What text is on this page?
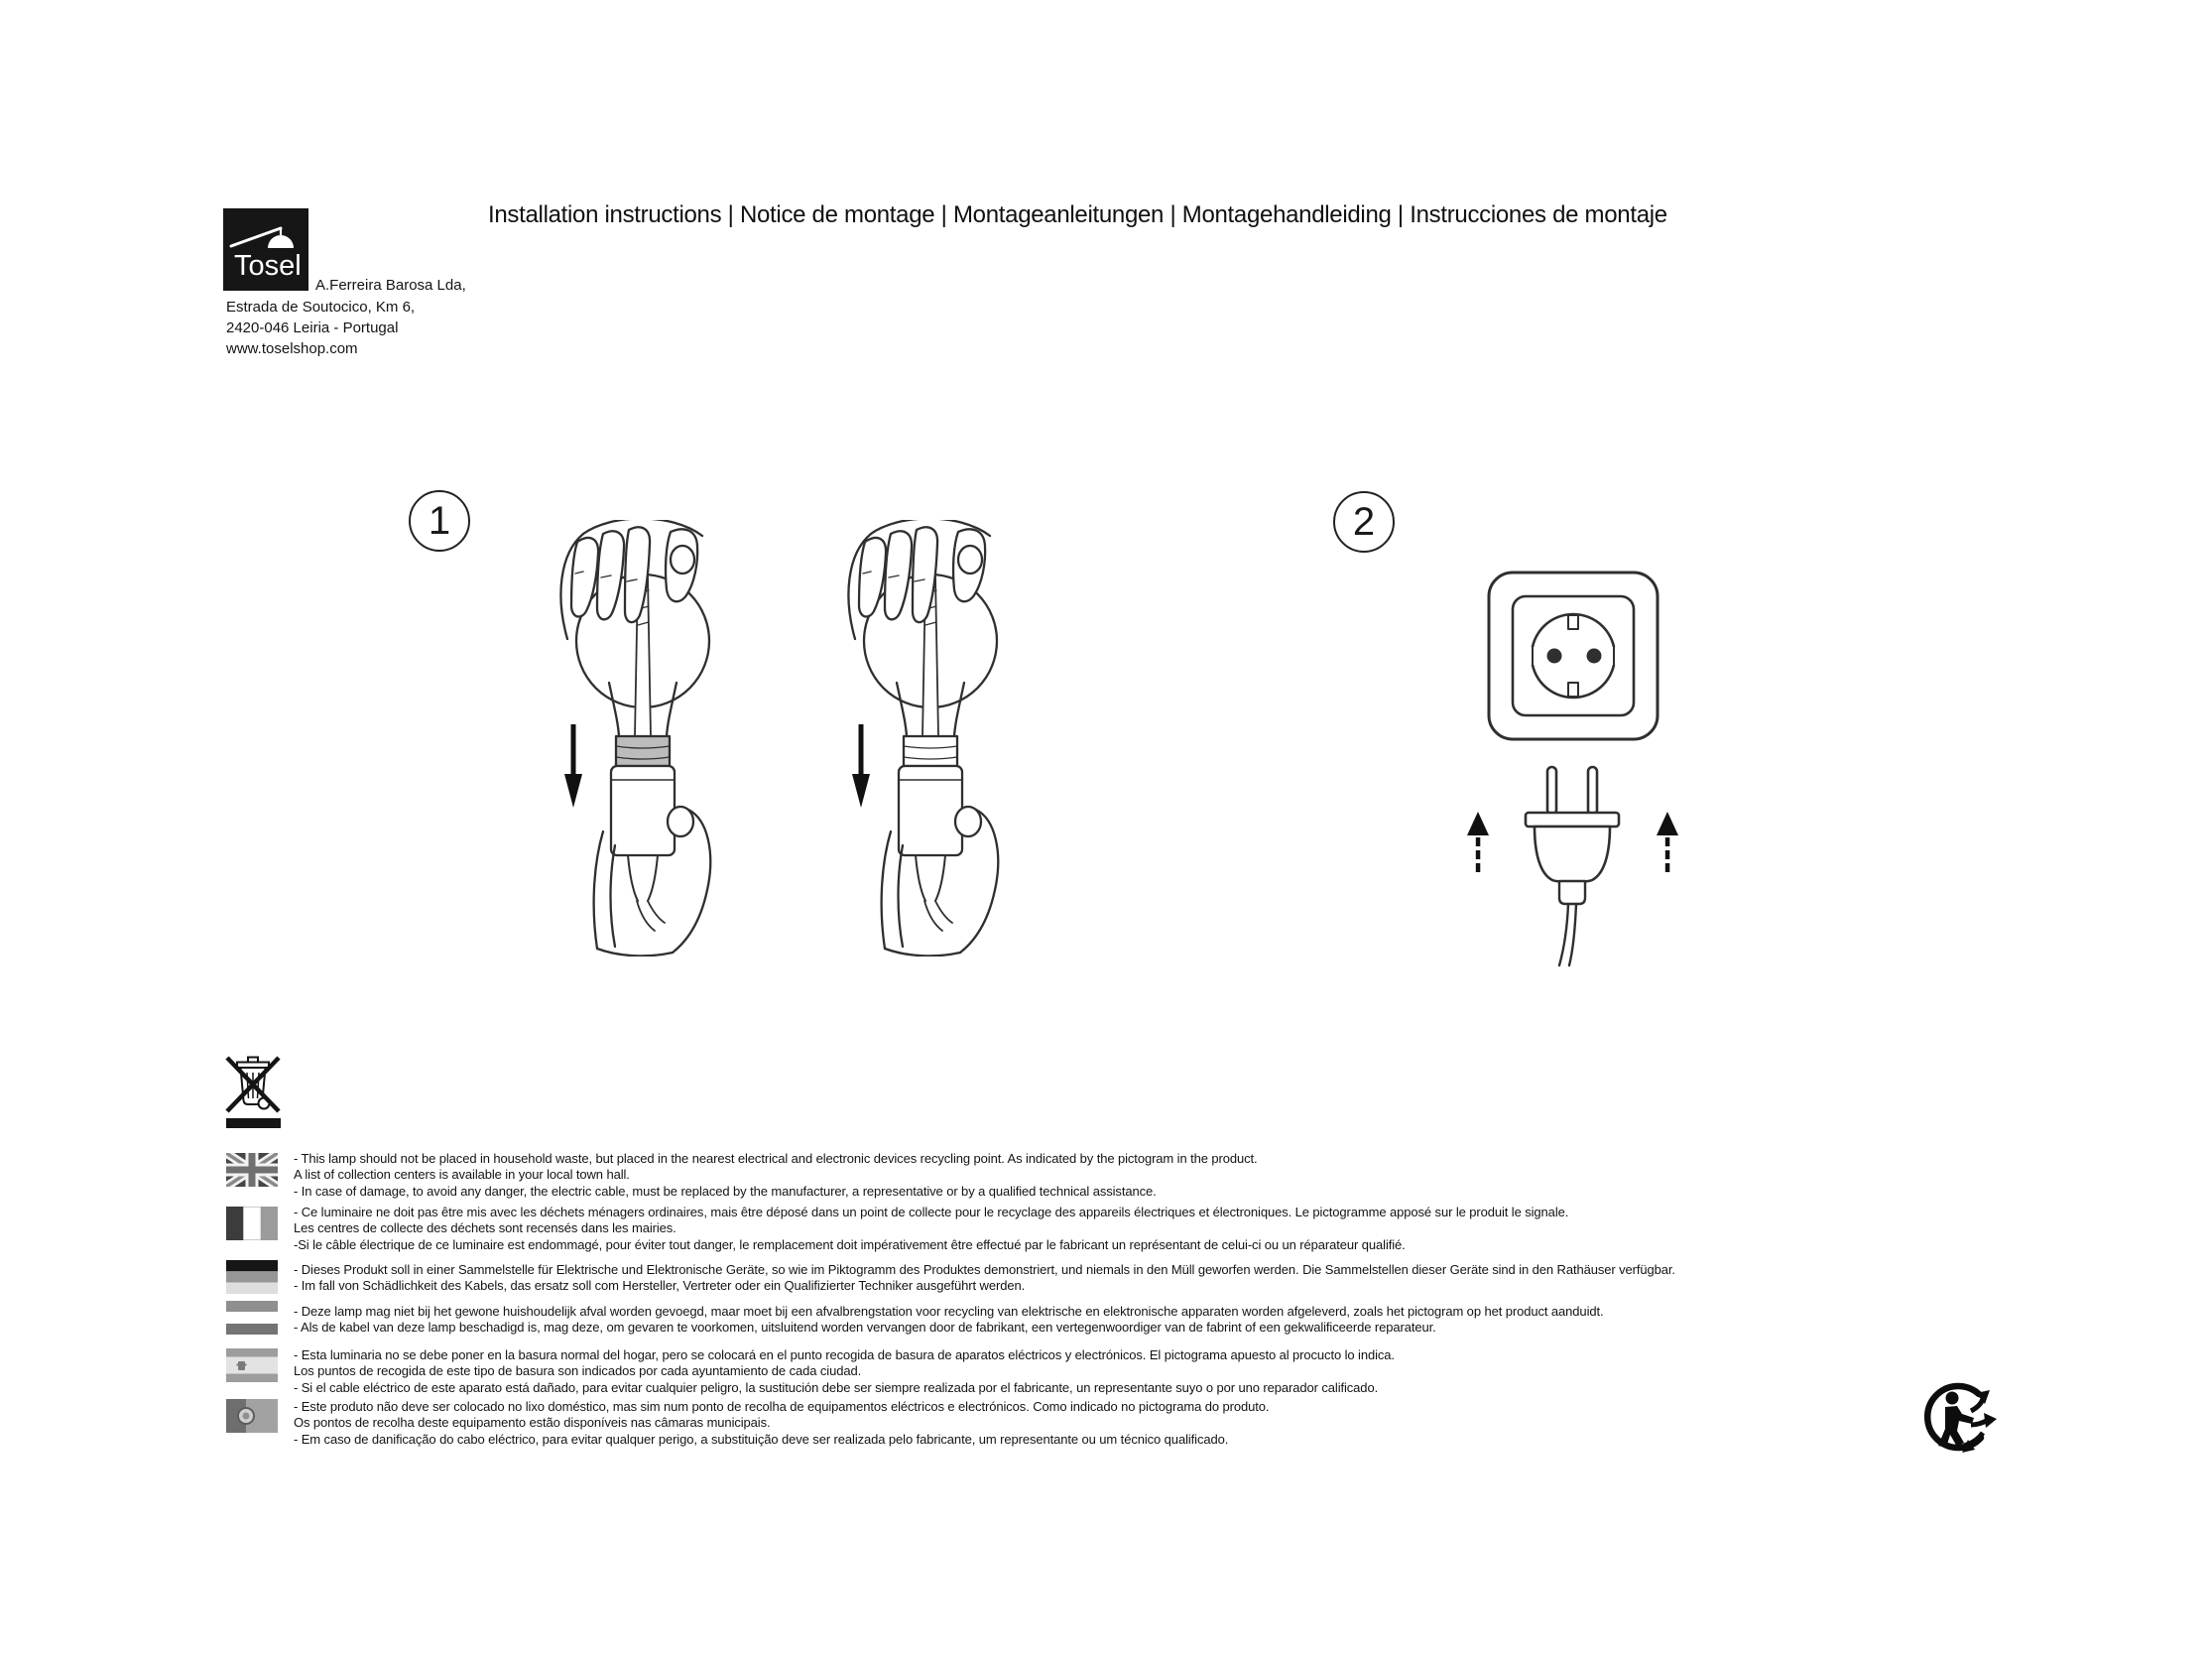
Installation instructions | Notice de montage | Montageanleitungen | Montagehandleiding | Instrucciones de montaje
Tosel
A.Ferreira Barosa Lda,
Estrada de Soutocico, Km 6,
2420-046 Leiria - Portugal
www.toselshop.com
1	2
- This lamp should not be placed in household waste, but placed in the nearest electrical and electronic devices recycling point. As indicated by the pictogram in the product.
A list of collection centers is available in your local town hall.
- In case of damage, to avoid any danger, the electric cable, must be replaced by the manufacturer, a representative or by a qualified technical assistance.
- Ce luminaire ne doit pas être mis avec les déchets ménagers ordinaires, mais être déposé dans un point de collecte pour le recyclage des appareils électriques et électroniques. Le pictogramme apposé sur le produit le signale.
Les centres de collecte des déchets sont recensés dans les mairies.
-Si le câble électrique de ce luminaire est endommagé, pour éviter tout danger, le remplacement doit impérativement être effectué par le fabricant un représentant de celui-ci ou un réparateur qualifié.
- Dieses Produkt soll in einer Sammelstelle für Elektrische und Elektronische Geräte, so wie im Piktogramm des Produktes demonstriert, und niemals in den Müll geworfen werden. Die Sammelstellen dieser Geräte sind in den Rathäuser verfügbar.
- Im fall von Schädlichkeit des Kabels, das ersatz soll com Hersteller, Vertreter oder ein Qualifizierter Techniker ausgeführt werden.
- Deze lamp mag niet bij het gewone huishoudelijk afval worden gevoegd, maar moet bij een afvalbrengstation voor recycling van elektrische en elektronische apparaten worden afgeleverd, zoals het pictogram op het product aanduidt.
- Als de kabel van deze lamp beschadigd is, mag deze, om gevaren te voorkomen, uitsluitend worden vervangen door de fabrikant, een vertegenwoordiger van de fabrint of een gekwalificeerde reparateur.
- Esta luminaria no se debe poner en la basura normal del hogar, pero se colocará en el punto recogida de basura de aparatos eléctricos y electrónicos. El pictograma apuesto al procucto lo indica.
Los puntos de recogida de este tipo de basura son indicados por cada ayuntamiento de cada ciudad.
- Si el cable eléctrico de este aparato está dañado, para evitar cualquier peligro, la sustitución debe ser siempre realizada por el fabricante, un representante suyo o por uno reparador calificado.
- Este produto não deve ser colocado no lixo doméstico, mas sim num ponto de recolha de equipamentos eléctricos e electrónicos. Como indicado no pictograma do produto.
Os pontos de recolha deste equipamento estão disponíveis nas câmaras municipais.
- Em caso de danificação do cabo eléctrico, para evitar qualquer perigo, a substituição deve ser realizada pelo fabricante, um representante ou um técnico qualificado.
